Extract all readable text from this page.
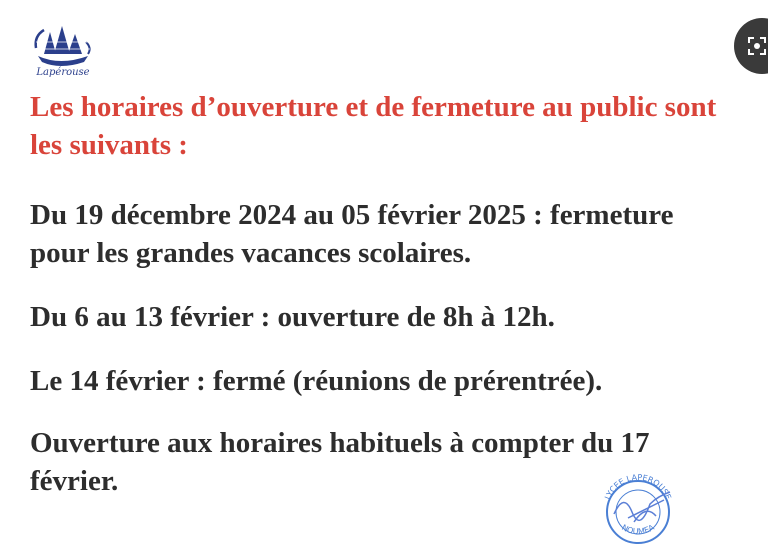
Lapérouse

Les horaires d’ouverture et de fermeture au public sont les suivants :

Du 19 décembre 2024 au 05 février 2025 : fermeture pour les grandes vacances scolaires.

Du 6 au 13 février : ouverture de 8h à 12h.

Le 14 février : fermé (réunions de prérentrée).

Ouverture aux horaires habituels à compter du 17 février.

LYCEE LAPEROUSE
NOUMEA
